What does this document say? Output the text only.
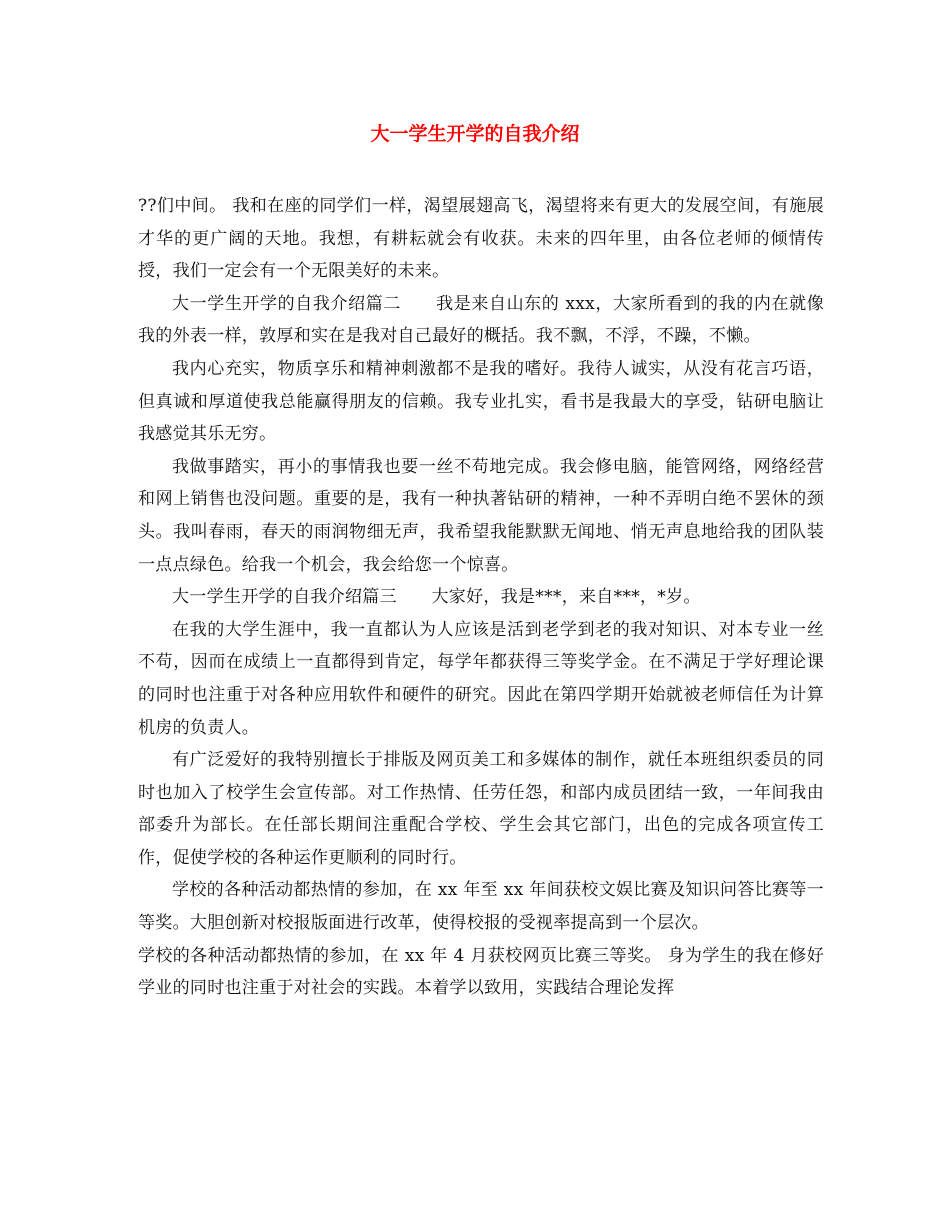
大一学生开学的自我介绍

??们中间。 我和在座的同学们一样，渴望展翅高飞，渴望将来有更大的发展空间，有施展才华的更广阔的天地。我想，有耕耘就会有收获。未来的四年里，由各位老师的倾情传授，我们一定会有一个无限美好的未来。

大一学生开学的自我介绍篇二　　我是来自山东的 xxx，大家所看到的我的内在就像我的外表一样，敦厚和实在是我对自己最好的概括。我不飘，不浮，不躁，不懒。

我内心充实，物质享乐和精神刺激都不是我的嗜好。我待人诚实，从没有花言巧语，但真诚和厚道使我总能赢得朋友的信赖。我专业扎实，看书是我最大的享受，钻研电脑让我感觉其乐无穷。

我做事踏实，再小的事情我也要一丝不苟地完成。我会修电脑，能管网络，网络经营和网上销售也没问题。重要的是，我有一种执著钻研的精神，一种不弄明白绝不罢休的颈头。我叫春雨，春天的雨润物细无声，我希望我能默默无闻地、悄无声息地给我的团队装一点点绿色。给我一个机会，我会给您一个惊喜。

大一学生开学的自我介绍篇三　　大家好，我是***，来自***，*岁。

在我的大学生涯中，我一直都认为人应该是活到老学到老的我对知识、对本专业一丝不苟，因而在成绩上一直都得到肯定，每学年都获得三等奖学金。在不满足于学好理论课的同时也注重于对各种应用软件和硬件的研究。因此在第四学期开始就被老师信任为计算机房的负责人。

有广泛爱好的我特别擅长于排版及网页美工和多媒体的制作，就任本班组织委员的同时也加入了校学生会宣传部。对工作热情、任劳任怨，和部内成员团结一致，一年间我由部委升为部长。在任部长期间注重配合学校、学生会其它部门，出色的完成各项宣传工作，促使学校的各种运作更顺利的同时行。

学校的各种活动都热情的参加，在 xx 年至 xx 年间获校文娱比赛及知识问答比赛等一等奖。大胆创新对校报版面进行改革，使得校报的受视率提高到一个层次。

学校的各种活动都热情的参加，在 xx 年 4 月获校网页比赛三等奖。 身为学生的我在修好学业的同时也注重于对社会的实践。本着学以致用，实践结合理论发挥
